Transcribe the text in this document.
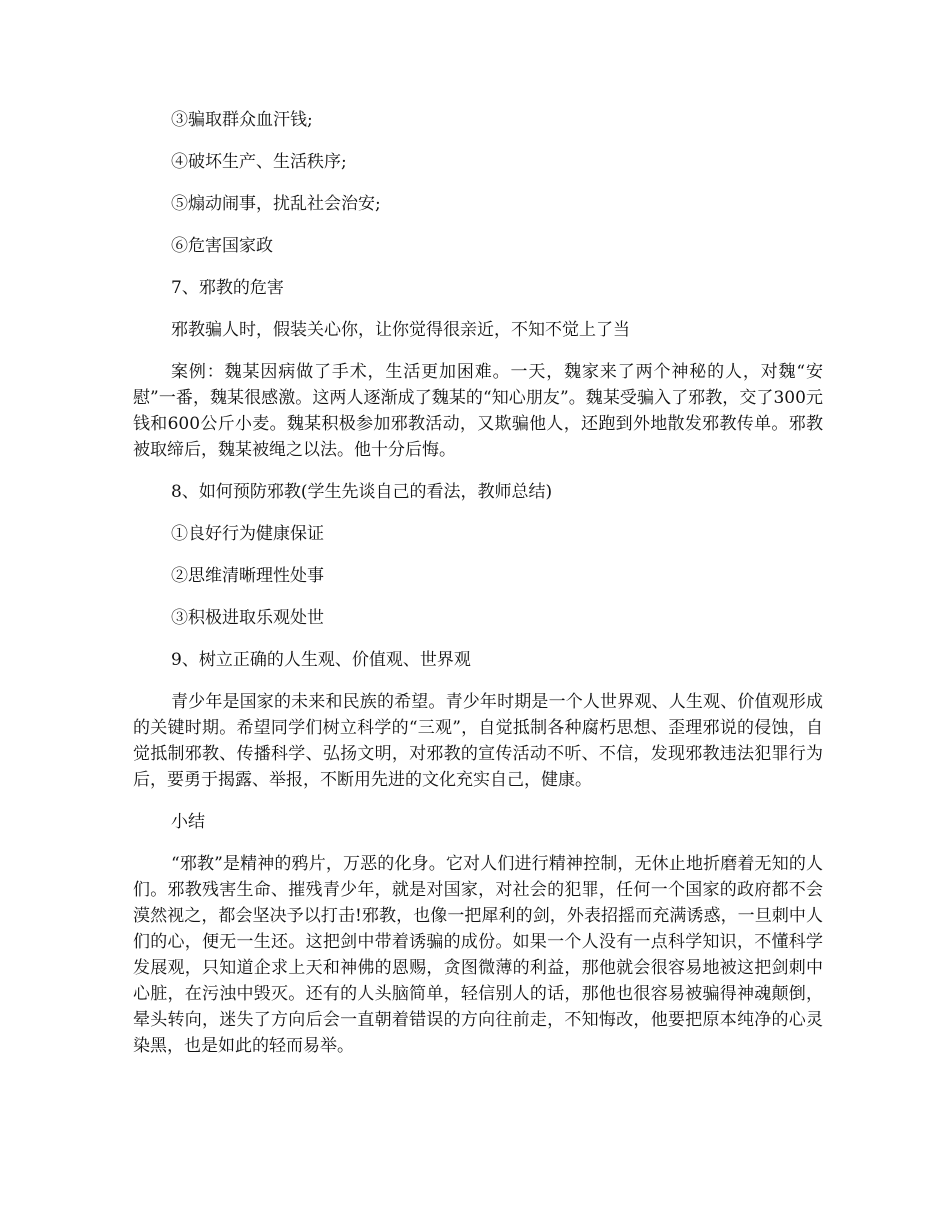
③骗取群众血汗钱;

④破坏生产、生活秩序;

⑤煽动闹事，扰乱社会治安;

⑥危害国家政

7、邪教的危害

邪教骗人时，假装关心你，让你觉得很亲近，不知不觉上了当

案例：魏某因病做了手术，生活更加困难。一天，魏家来了两个神秘的人，对魏“安慰”一番，魏某很感激。这两人逐渐成了魏某的“知心朋友”。魏某受骗入了邪教，交了300元钱和600公斤小麦。魏某积极参加邪教活动，又欺骗他人，还跑到外地散发邪教传单。邪教被取缔后，魏某被绳之以法。他十分后悔。

8、如何预防邪教(学生先谈自己的看法，教师总结)

①良好行为健康保证

②思维清晰理性处事

③积极进取乐观处世

9、树立正确的人生观、价值观、世界观

青少年是国家的未来和民族的希望。青少年时期是一个人世界观、人生观、价值观形成的关键时期。希望同学们树立科学的“三观”，自觉抵制各种腐朽思想、歪理邪说的侵蚀，自觉抵制邪教、传播科学、弘扬文明，对邪教的宣传活动不听、不信，发现邪教违法犯罪行为后，要勇于揭露、举报，不断用先进的文化充实自己，健康。

小结

“邪教”是精神的鸦片，万恶的化身。它对人们进行精神控制，无休止地折磨着无知的人们。邪教残害生命、摧残青少年，就是对国家，对社会的犯罪，任何一个国家的政府都不会漠然视之，都会坚决予以打击!邪教，也像一把犀利的剑，外表招摇而充满诱惑，一旦刺中人们的心，便无一生还。这把剑中带着诱骗的成份。如果一个人没有一点科学知识，不懂科学发展观，只知道企求上天和神佛的恩赐，贪图微薄的利益，那他就会很容易地被这把剑刺中心脏，在污浊中毁灭。还有的人头脑简单，轻信别人的话，那他也很容易被骗得神魂颠倒，晕头转向，迷失了方向后会一直朝着错误的方向往前走，不知悔改，他要把原本纯净的心灵染黑，也是如此的轻而易举。
